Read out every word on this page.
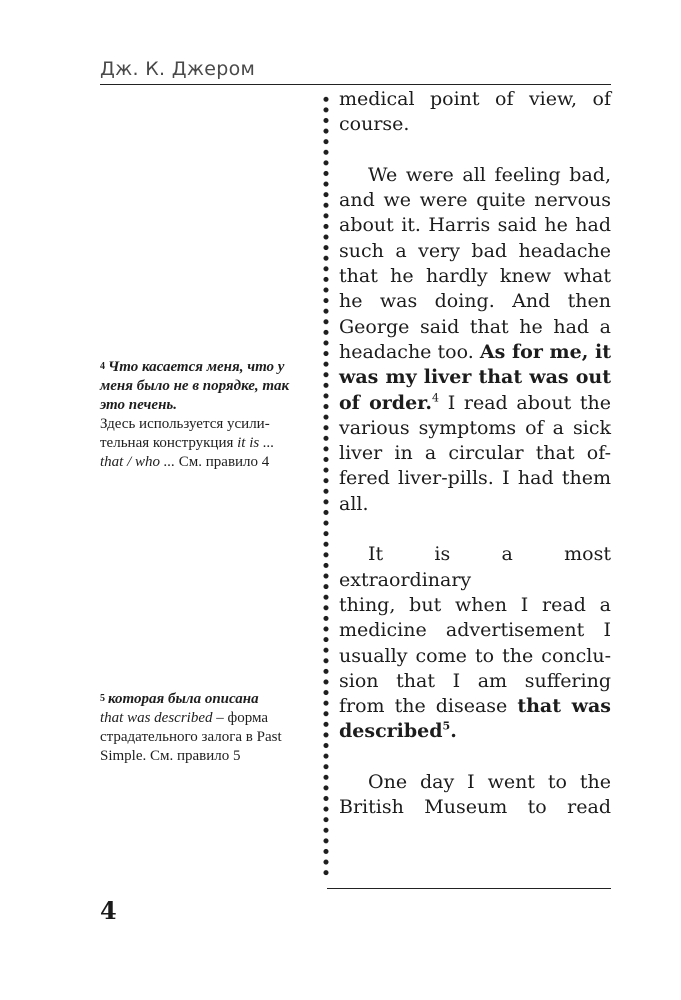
Дж. К. Джером

medical point of view, of
course.

We were all feeling bad,
and we were quite nervous
about it. Harris said he had
such a very bad headache
that he hardly knew what
he was doing. And then
George said that he had a
headache too. As for me, it
was my liver that was out
of order.$^4$ I read about the
various symptoms of a sick
liver in a circular that of-
fered liver-pills. I had them
all.

It is a most extraordinary
thing, but when I read a
medicine advertisement I
usually come to the conclu-
sion that I am suffering
from the disease that was
described$^5$.

One day I went to the
British Museum to read

$^4$ Что касается меня, что у меня было не в порядке, так это печень.
Здесь используется усили-тельная конструкция it is ... that / who ... См. правило 4
$^5$ которая была описана
that was described – форма страдательного залога в Past Simple. См. правило 5
4
